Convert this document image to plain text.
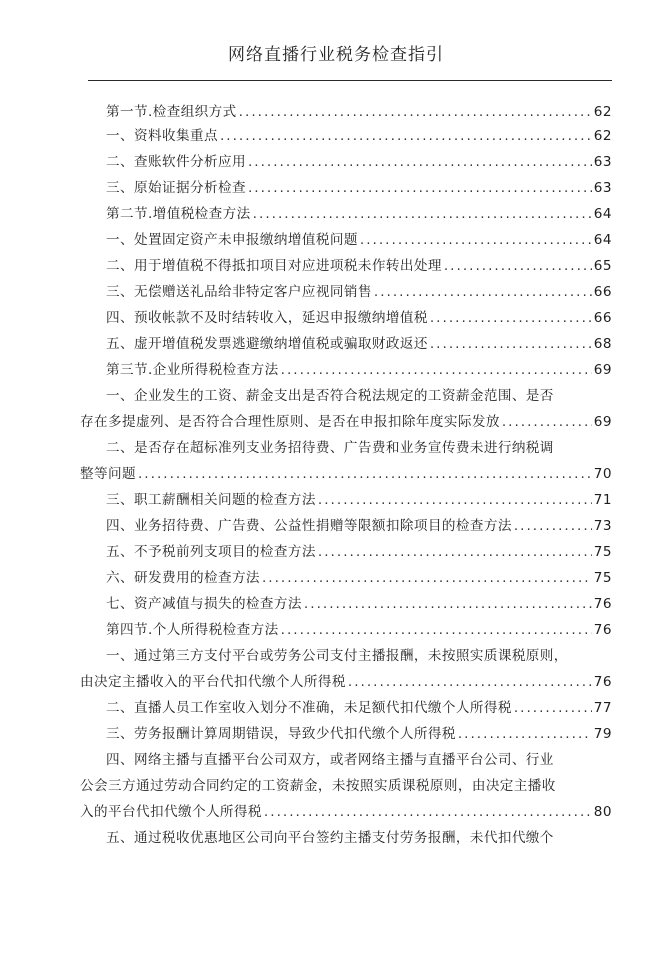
网络直播行业税务检查指引
第一节.检查组织方式 .....	62
一、资料收集重点 .....	62
二、查账软件分析应用 .....	63
三、原始证据分析检查 .....	63
第二节.增值税检查方法 .....	64
一、处置固定资产未申报缴纳增值税问题 .....	64
二、用于增值税不得抵扣项目对应进项税未作转出处理 .....	65
三、无偿赠送礼品给非特定客户应视同销售 .....	66
四、预收帐款不及时结转收入，延迟申报缴纳增值税 .....	66
五、虚开增值税发票逃避缴纳增值税或骗取财政返还 .....	68
第三节.企业所得税检查方法 .....	69
一、企业发生的工资、薪金支出是否符合税法规定的工资薪金范围、是否
存在多提虚列、是否符合合理性原则、是否在申报扣除年度实际发放 .....	69
二、是否存在超标准列支业务招待费、广告费和业务宣传费未进行纳税调
整等问题 .....	70
三、职工薪酬相关问题的检查方法 .....	71
四、业务招待费、广告费、公益性捐赠等限额扣除项目的检查方法 .....	73
五、不予税前列支项目的检查方法 .....	75
六、研发费用的检查方法 .....	75
七、资产减值与损失的检查方法 .....	76
第四节.个人所得税检查方法 .....	76
一、通过第三方支付平台或劳务公司支付主播报酬，未按照实质课税原则，
由决定主播收入的平台代扣代缴个人所得税 .....	76
二、直播人员工作室收入划分不准确，未足额代扣代缴个人所得税 .....	77
三、劳务报酬计算周期错误，导致少代扣代缴个人所得税 .....	79
四、网络主播与直播平台公司双方，或者网络主播与直播平台公司、行业
公会三方通过劳动合同约定的工资薪金，未按照实质课税原则，由决定主播收
入的平台代扣代缴个人所得税 .....	80
五、通过税收优惠地区公司向平台签约主播支付劳务报酬，未代扣代缴个
